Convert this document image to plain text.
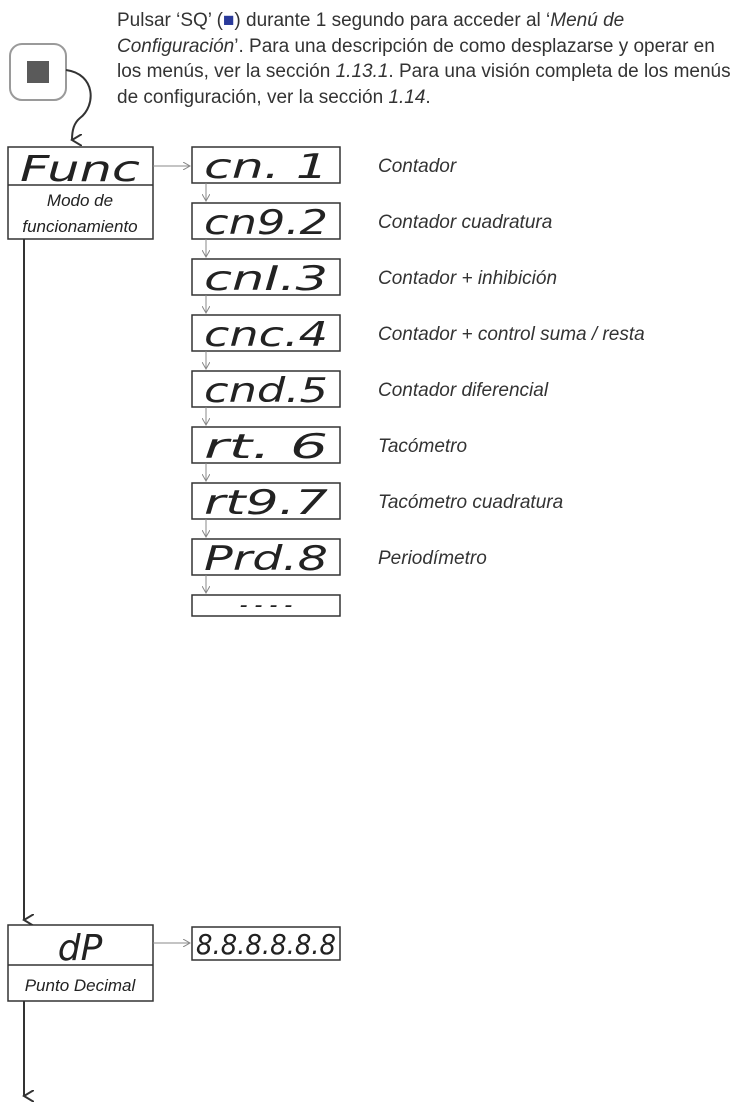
Pulsar ‘SQ’ (■) durante 1 segundo para acceder al ‘Menú de Configuración’. Para una descripción de como desplazarse y operar en los menús, ver la sección 1.13.1. Para una visión completa de los menús de configuración, ver la sección 1.14.
Func
Modo de
funcionamiento
cn. 1	Contador
cn9.2	Contador cuadratura
cnI.3	Contador + inhibición
cnc.4	Contador + control suma / resta
cnd.5	Contador diferencial
rt. 6	Tacómetro
rt9.7	Tacómetro cuadratura
Prd.8	Periodímetro
- - - -
dP
Punto Decimal
8.8.8.8.8.8
